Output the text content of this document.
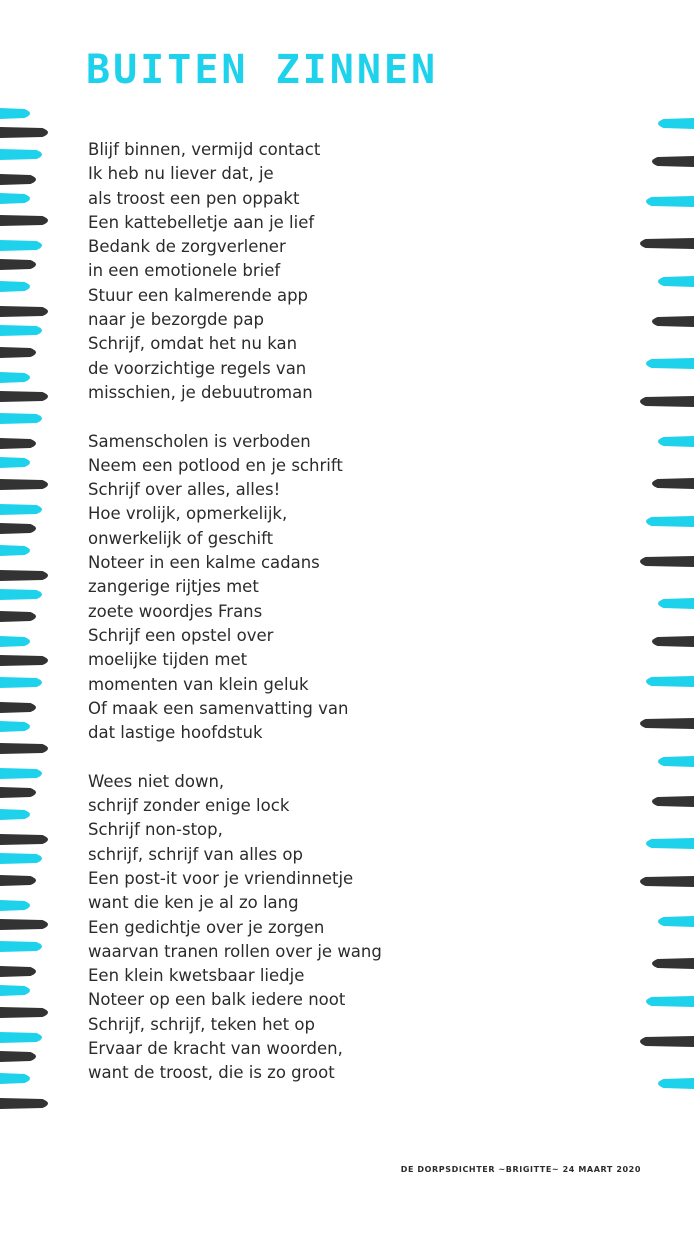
BUITEN ZINNEN
Blijf binnen, vermijd contact
Ik heb nu liever dat, je
als troost een pen oppakt
Een kattebelletje aan je lief
Bedank de zorgverlener
in een emotionele brief
Stuur een kalmerende app
naar je bezorgde pap
Schrijf, omdat het nu kan
de voorzichtige regels van
misschien, je debuutroman
Samenscholen is verboden
Neem een potlood en je schrift
Schrijf over alles, alles!
Hoe vrolijk, opmerkelijk,
onwerkelijk of geschift
Noteer in een kalme cadans
zangerige rijtjes met
zoete woordjes Frans
Schrijf een opstel over
moelijke tijden met
momenten van klein geluk
Of maak een samenvatting van
dat lastige hoofdstuk
Wees niet down,
schrijf zonder enige lock
Schrijf non-stop,
schrijf, schrijf van alles op
Een post-it voor je vriendinnetje
want die ken je al zo lang
Een gedichtje over je zorgen
waarvan tranen rollen over je wang
Een klein kwetsbaar liedje
Noteer op een balk iedere noot
Schrijf, schrijf, teken het op
Ervaar de kracht van woorden,
want de troost, die is zo groot
DE DORPSDICHTER ~BRIGITTE~ 24 MAART 2020
